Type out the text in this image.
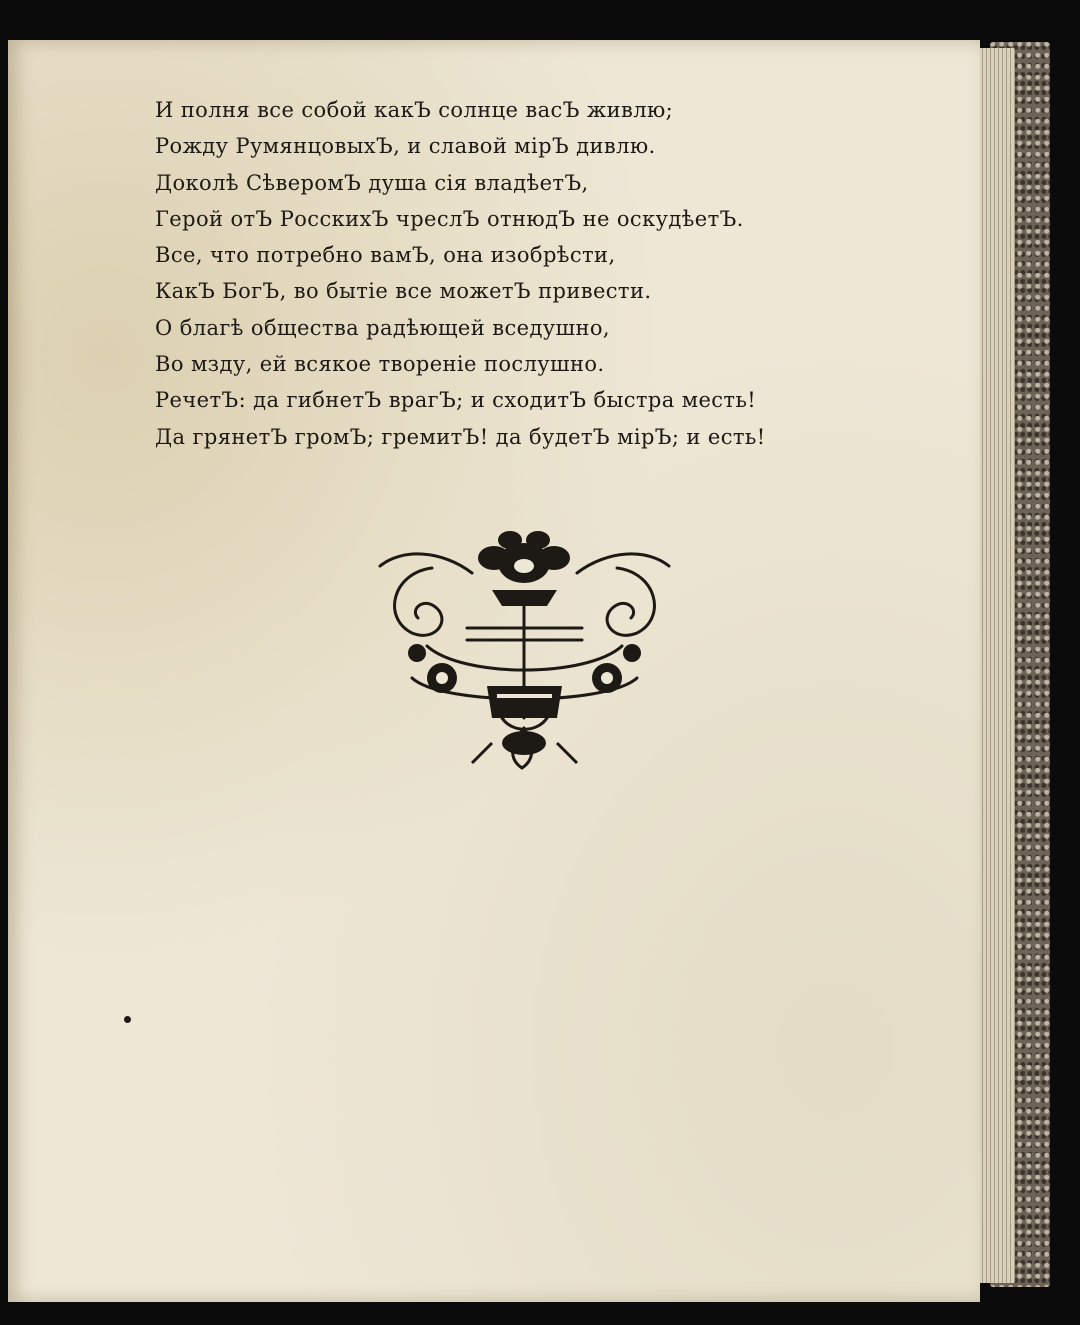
И полня все собой какЪ солнце васЪ живлю;
Рожду РумянцовыхЪ, и славой мiрЪ дивлю.
Доколѣ СѣверомЪ душа сiя владѣетЪ,
Герой отЪ РосскихЪ чреслЪ отнюдЪ не оскудѣетЪ.
Все, что потребно вамЪ, она изобрѣсти,
КакЪ БогЪ, во бытiе все можетЪ привести.
О благѣ общества радѣющей вседушно,
Во мзду, ей всякое творенiе послушно.
РечетЪ: да гибнетЪ врагЪ; и сходитЪ быстра месть!
Да грянетЪ громЪ; гремитЪ! да будетЪ мiрЪ; и есть!
